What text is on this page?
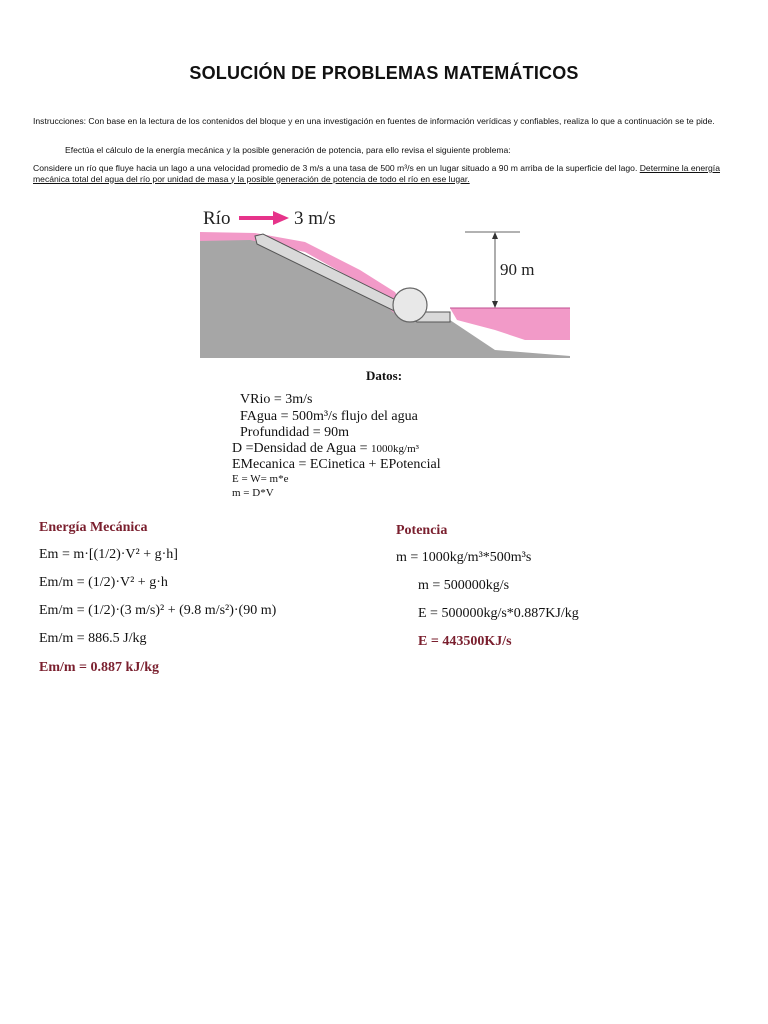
SOLUCIÓN DE PROBLEMAS MATEMÁTICOS
Instrucciones: Con base en la lectura de los contenidos del bloque y en una investigación en fuentes de información verídicas y confiables, realiza lo que a continuación se te pide.
Efectúa el cálculo de la energía mecánica y la posible generación de potencia, para ello revisa el siguiente problema:
Considere un río que fluye hacia un lago a una velocidad promedio de 3 m/s a una tasa de 500 m³/s en un lugar situado a 90 m arriba de la superficie del lago. Determine la energía mecánica total del agua del río por unidad de masa y la posible generación de potencia de todo el río en ese lugar.
90 m
Río	3 m/s
Datos:
VRio = 3m/s
FAgua = 500m³/s flujo del agua
Profundidad = 90m
D =Densidad de Agua = 1000kg/m³
EMecanica = ECinetica + EPotencial
E = W= m*e
m = D*V
Energía Mecánica
Em = m·[(1/2)·V² + g·h]
Em/m = (1/2)·V² + g·h
Em/m = (1/2)·(3 m/s)² + (9.8 m/s²)·(90 m)
Em/m = 886.5 J/kg
Em/m = 0.887 kJ/kg
Potencia
m = 1000kg/m³*500m³s
m = 500000kg/s
E = 500000kg/s*0.887KJ/kg
E = 443500KJ/s
